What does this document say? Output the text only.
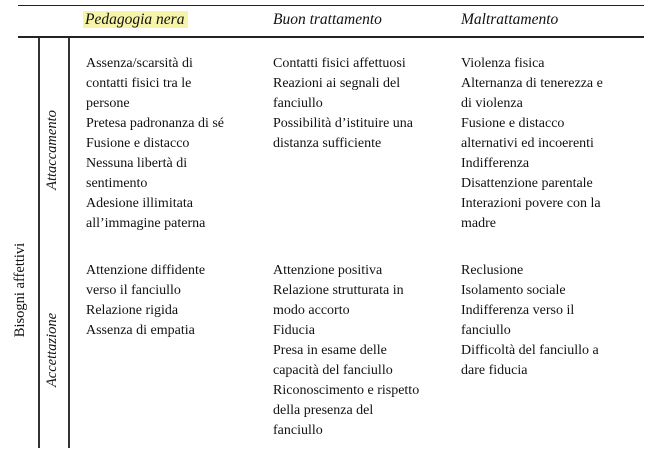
Pedagogia nera	Buon trattamento	Maltrattamento
Bisogni affettivi
Attaccamento
Accettazione
Assenza/scarsità di
contatti fisici tra le
persone
Pretesa padronanza di sé
Fusione e distacco
Nessuna libertà di
sentimento
Adesione illimitata
all’immagine paterna
Contatti fisici affettuosi
Reazioni ai segnali del
fanciullo
Possibilità d’istituire una
distanza sufficiente
Violenza fisica
Alternanza di tenerezza e
di violenza
Fusione e distacco
alternativi ed incoerenti
Indifferenza
Disattenzione parentale
Interazioni povere con la
madre
Attenzione diffidente
verso il fanciullo
Relazione rigida
Assenza di empatia
Attenzione positiva
Relazione strutturata in
modo accorto
Fiducia
Presa in esame delle
capacità del fanciullo
Riconoscimento e rispetto
della presenza del
fanciullo
Reclusione
Isolamento sociale
Indifferenza verso il
fanciullo
Difficoltà del fanciullo a
dare fiducia
